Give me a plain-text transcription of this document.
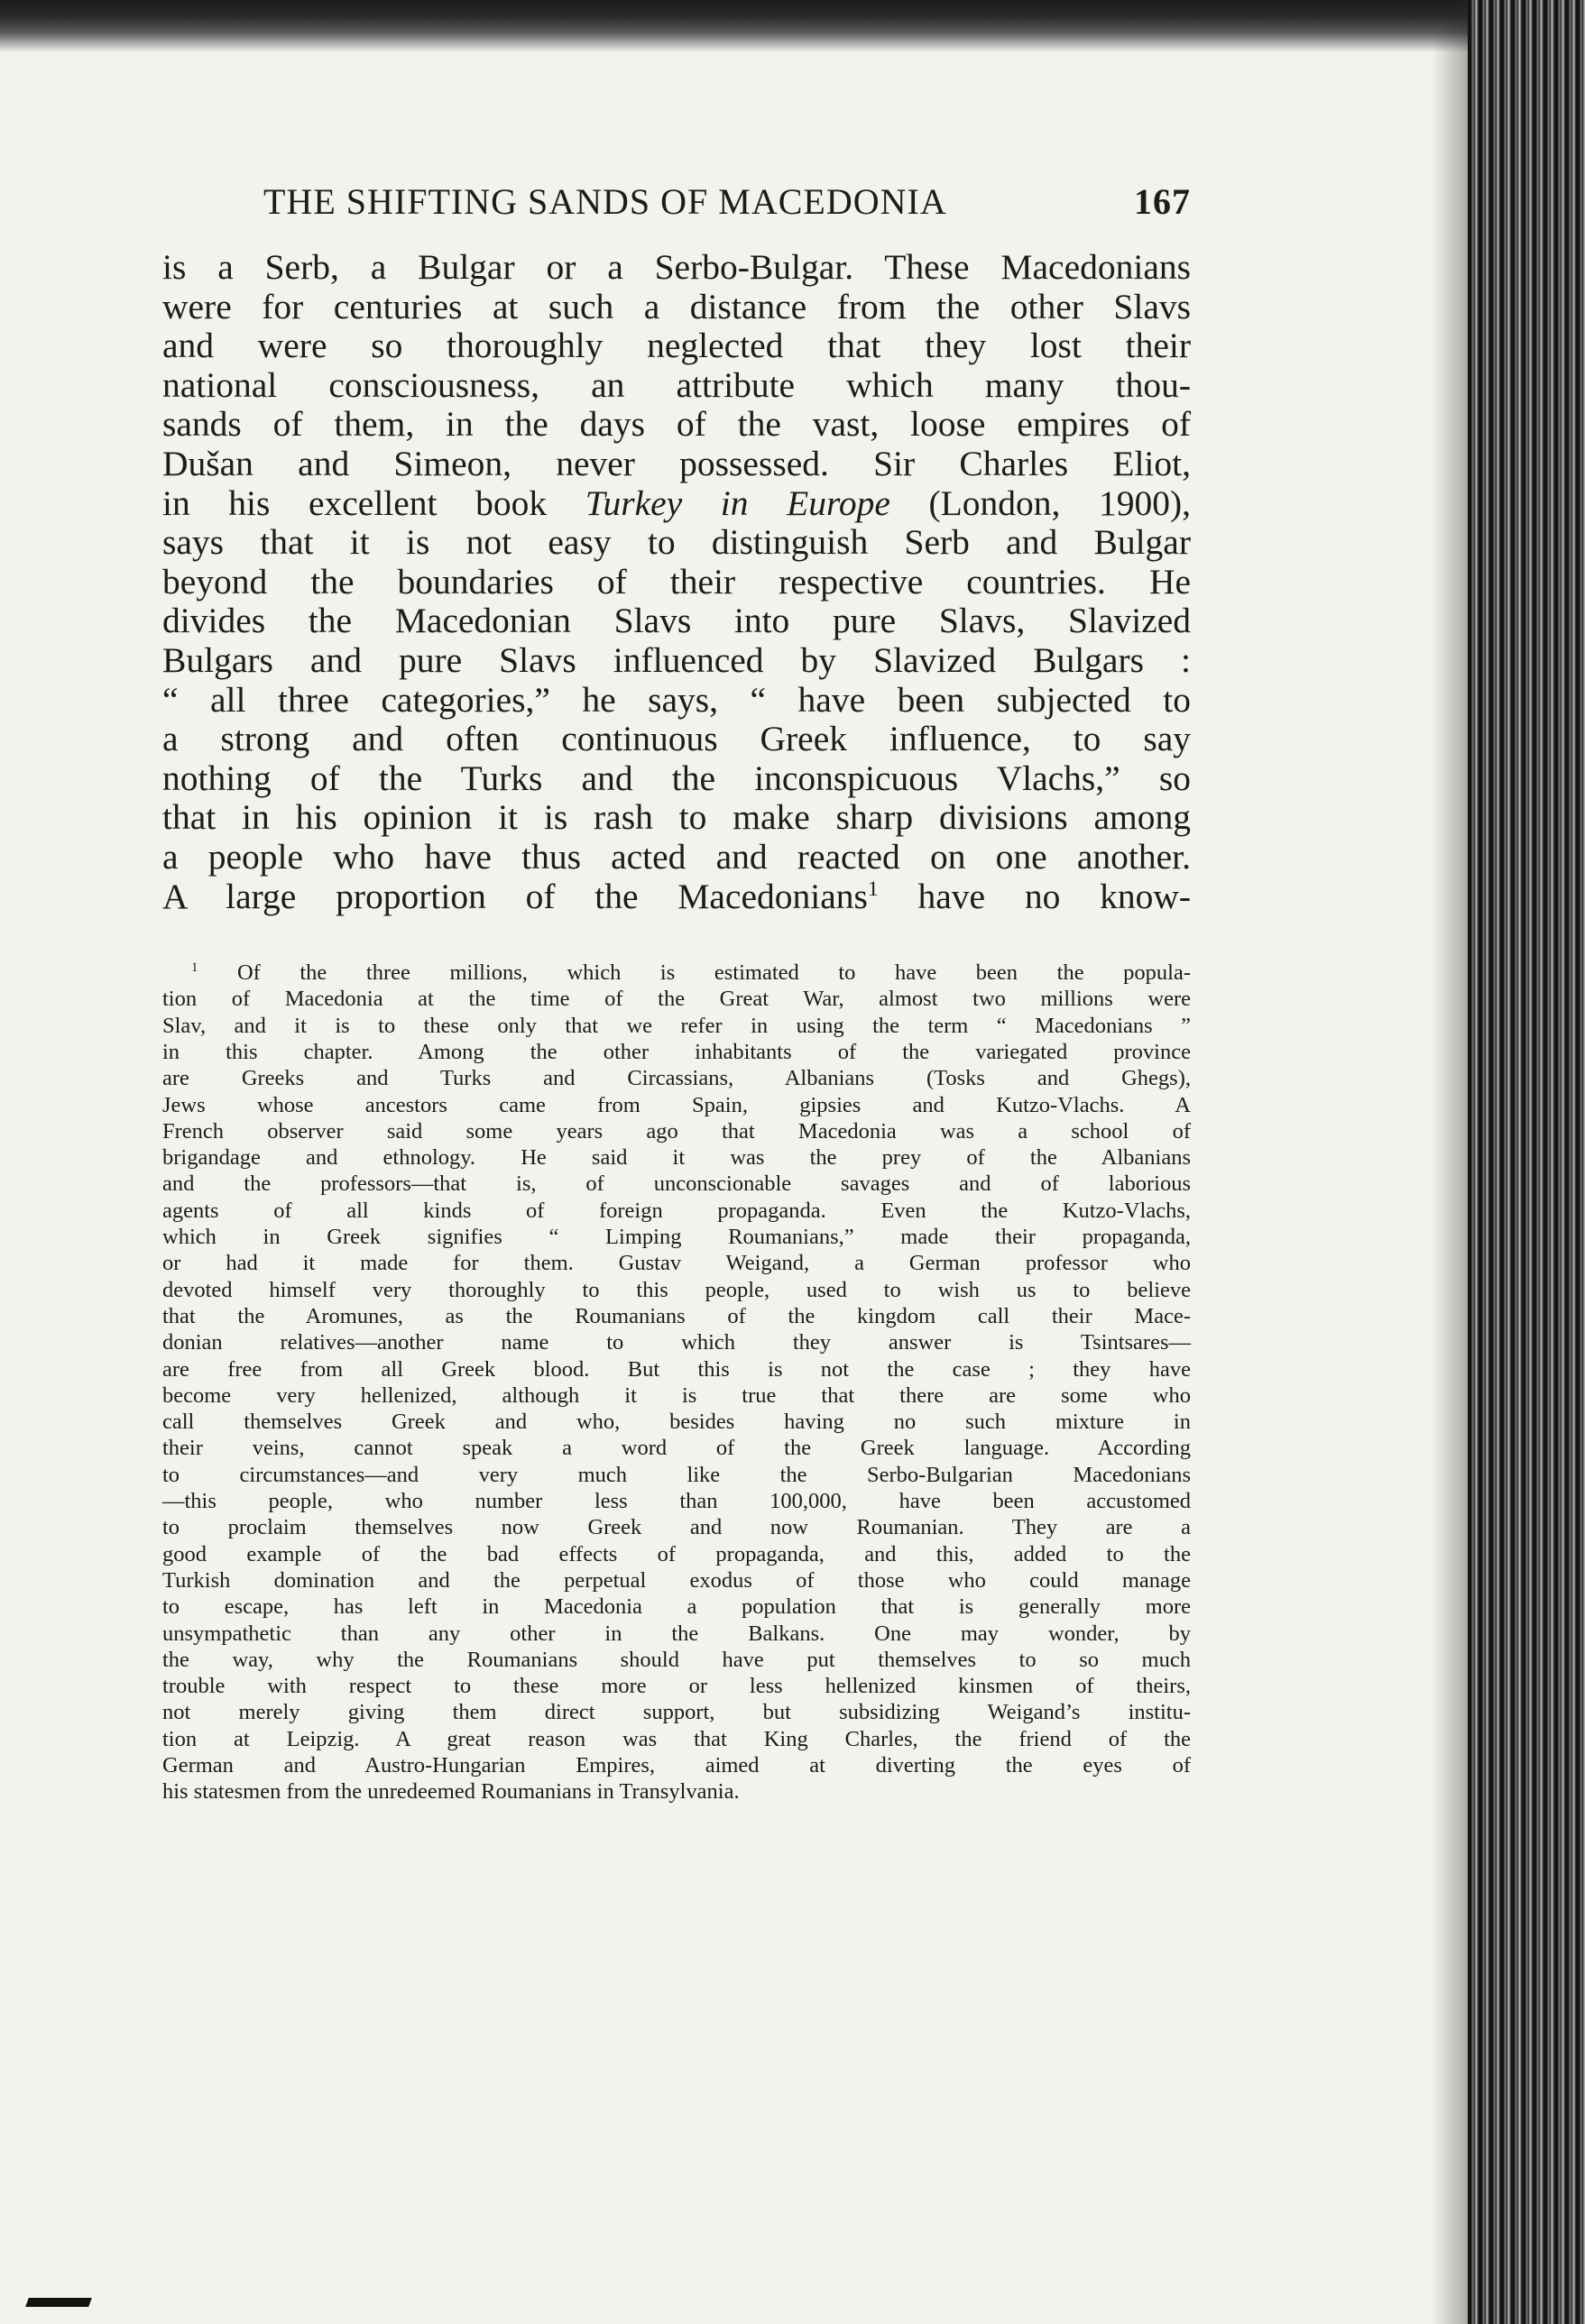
THE SHIFTING SANDS OF MACEDONIA	167
is a Serb, a Bulgar or a Serbo-Bulgar. These Macedonians
were for centuries at such a distance from the other Slavs
and were so thoroughly neglected that they lost their
national consciousness, an attribute which many thou-
sands of them, in the days of the vast, loose empires of
Dušan and Simeon, never possessed. Sir Charles Eliot,
in his excellent book Turkey in Europe (London, 1900),
says that it is not easy to distinguish Serb and Bulgar
beyond the boundaries of their respective countries. He
divides the Macedonian Slavs into pure Slavs, Slavized
Bulgars and pure Slavs influenced by Slavized Bulgars :
“ all three categories,” he says, “ have been subjected to
a strong and often continuous Greek influence, to say
nothing of the Turks and the inconspicuous Vlachs,” so
that in his opinion it is rash to make sharp divisions among
a people who have thus acted and reacted on one another.
A large proportion of the Macedonians$^1$ have no know-
$^1$ Of the three millions, which is estimated to have been the popula-
tion of Macedonia at the time of the Great War, almost two millions were
Slav, and it is to these only that we refer in using the term “ Macedonians ”
in this chapter. Among the other inhabitants of the variegated province
are Greeks and Turks and Circassians, Albanians (Tosks and Ghegs),
Jews whose ancestors came from Spain, gipsies and Kutzo-Vlachs. A
French observer said some years ago that Macedonia was a school of
brigandage and ethnology. He said it was the prey of the Albanians
and the professors—that is, of unconscionable savages and of laborious
agents of all kinds of foreign propaganda. Even the Kutzo-Vlachs,
which in Greek signifies “ Limping Roumanians,” made their propaganda,
or had it made for them. Gustav Weigand, a German professor who
devoted himself very thoroughly to this people, used to wish us to believe
that the Aromunes, as the Roumanians of the kingdom call their Mace-
donian relatives—another name to which they answer is Tsintsares—
are free from all Greek blood. But this is not the case ; they have
become very hellenized, although it is true that there are some who
call themselves Greek and who, besides having no such mixture in
their veins, cannot speak a word of the Greek language. According
to circumstances—and very much like the Serbo-Bulgarian Macedonians
—this people, who number less than 100,000, have been accustomed
to proclaim themselves now Greek and now Roumanian. They are a
good example of the bad effects of propaganda, and this, added to the
Turkish domination and the perpetual exodus of those who could manage
to escape, has left in Macedonia a population that is generally more
unsympathetic than any other in the Balkans. One may wonder, by
the way, why the Roumanians should have put themselves to so much
trouble with respect to these more or less hellenized kinsmen of theirs,
not merely giving them direct support, but subsidizing Weigand’s institu-
tion at Leipzig. A great reason was that King Charles, the friend of the
German and Austro-Hungarian Empires, aimed at diverting the eyes of
his statesmen from the unredeemed Roumanians in Transylvania.
